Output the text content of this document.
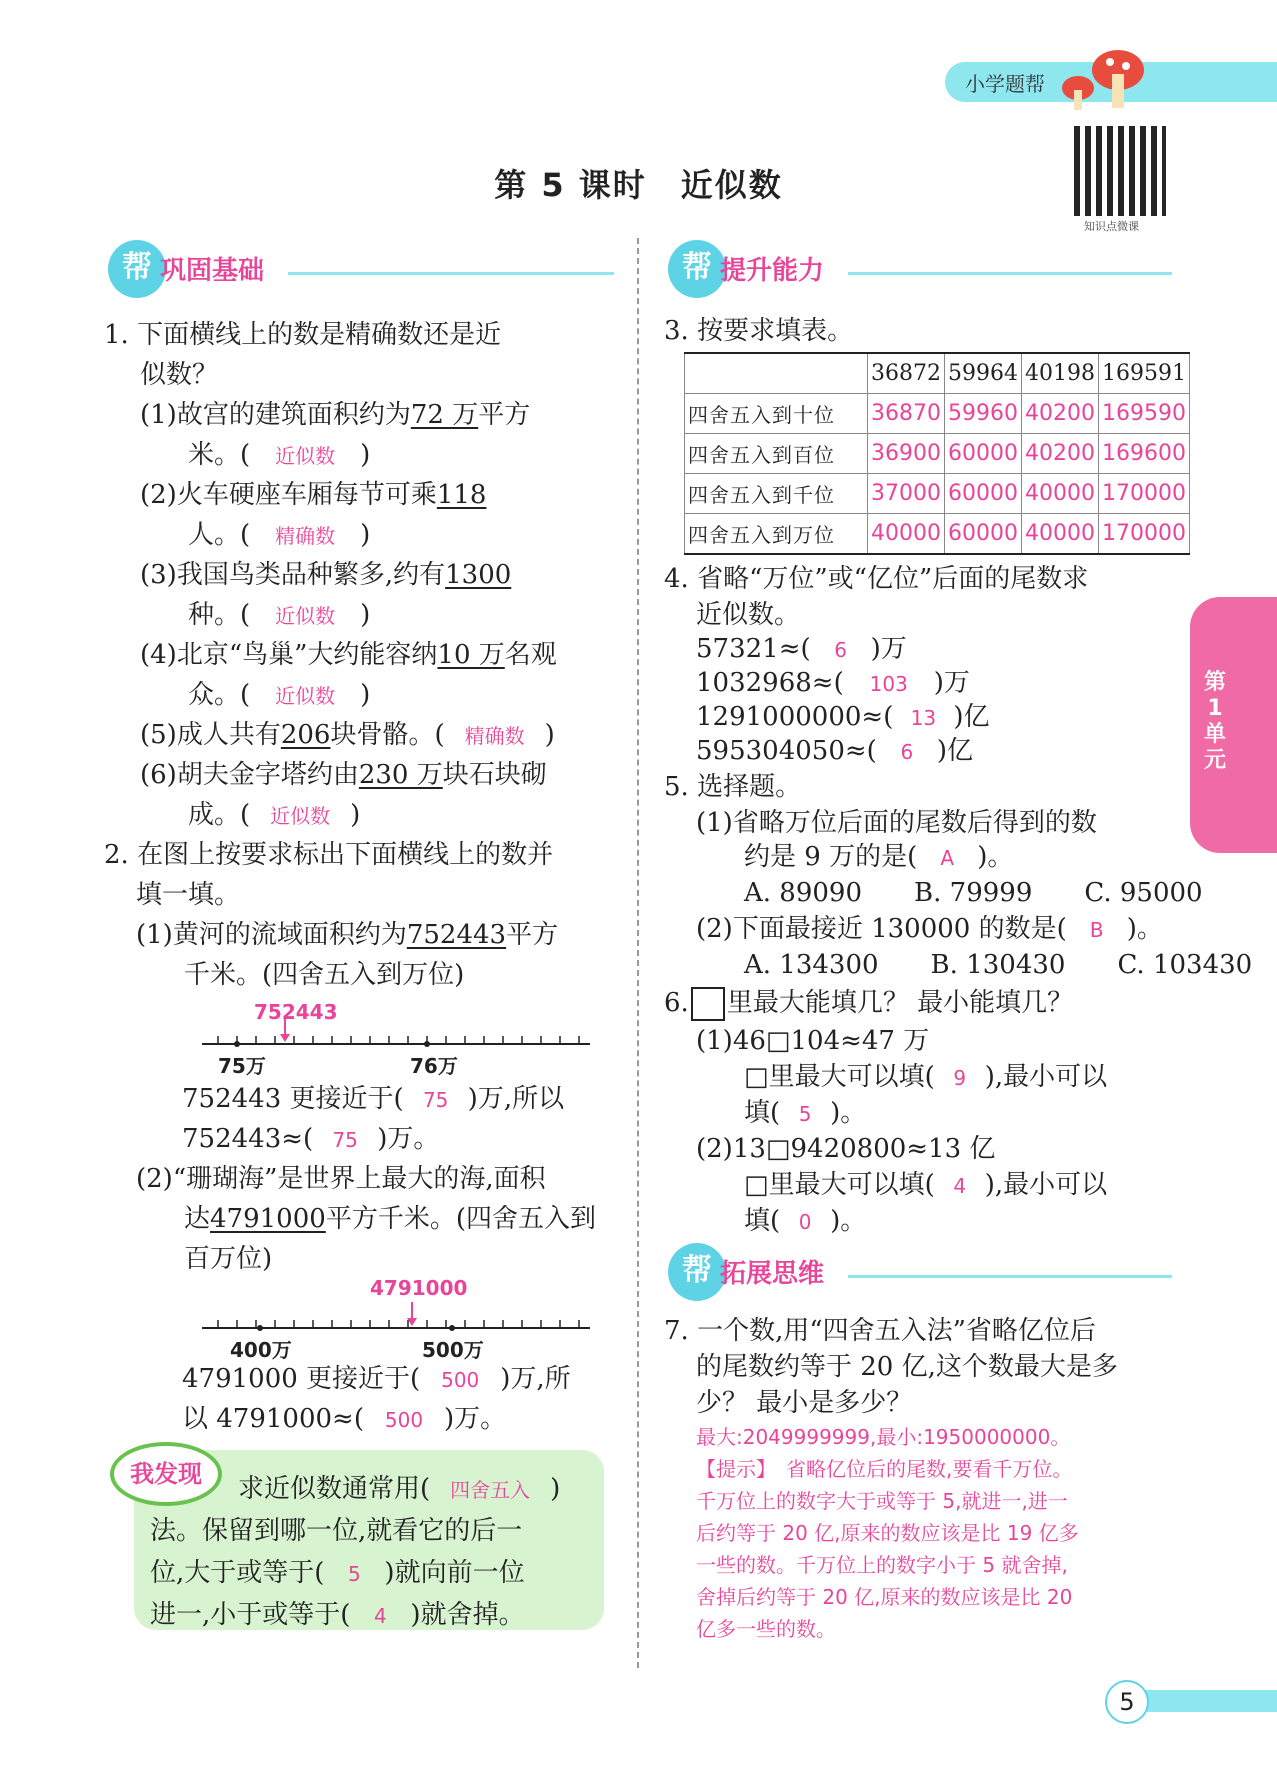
小学题帮
第 5 课时　近似数
知识点微课
第1单元
帮 巩固基础	帮 提升能力
帮 拓展思维
1. 下面横线上的数是精确数还是近
似数？
(1)故宫的建筑面积约为72 万平方
米。( 近似数 )
(2)火车硬座车厢每节可乘118
人。( 精确数 )
(3)我国鸟类品种繁多,约有1300
种。( 近似数 )
(4)北京“鸟巢”大约能容纳10 万名观
众。( 近似数 )
(5)成人共有206块骨骼。( 精确数 )
(6)胡夫金字塔约由230 万块石块砌
成。( 近似数 )
2. 在图上按要求标出下面横线上的数并
填一填。
(1)黄河的流域面积约为752443平方
千米。(四舍五入到万位)
752443
75万	76万
752443 更接近于( 75 )万,所以
752443≈( 75 )万。
(2)“珊瑚海”是世界上最大的海,面积
达4791000平方千米。(四舍五入到
百万位)
4791000
400万	500万
4791000 更接近于( 500 )万,所
以 4791000≈( 500 )万。
我发现	求近似数通常用( 四舍五入 )
法。保留到哪一位,就看它的后一
位,大于或等于( 5 )就向前一位
进一,小于或等于( 4 )就舍掉。
3. 按要求填表。
	36872	59964	40198	169591
四舍五入到十位	36870	59960	40200	169590
四舍五入到百位	36900	60000	40200	169600
四舍五入到千位	37000	60000	40000	170000
四舍五入到万位	40000	60000	40000	170000
4. 省略“万位”或“亿位”后面的尾数求
近似数。
57321≈( 6 )万
1032968≈( 103 )万
1291000000≈( 13 )亿
595304050≈( 6 )亿
5. 选择题。
(1)省略万位后面的尾数后得到的数
约是 9 万的是( A )。
A. 89090　　B. 79999　　C. 95000
(2)下面最接近 130000 的数是( B )。
A. 134300　　B. 130430　　C. 103430
6. 里最大能填几？ 最小能填几？
(1)46□104≈47 万
□里最大可以填( 9 ),最小可以
填( 5 )。
(2)13□9420800≈13 亿
□里最大可以填( 4 ),最小可以
填( 0 )。
7. 一个数,用“四舍五入法”省略亿位后
的尾数约等于 20 亿,这个数最大是多
少？ 最小是多少？
最大:2049999999,最小:1950000000。
【提示】　省略亿位后的尾数,要看千万位。
千万位上的数字大于或等于 5,就进一,进一
后约等于 20 亿,原来的数应该是比 19 亿多
一些的数。千万位上的数字小于 5 就舍掉,
舍掉后约等于 20 亿,原来的数应该是比 20
亿多一些的数。
5
